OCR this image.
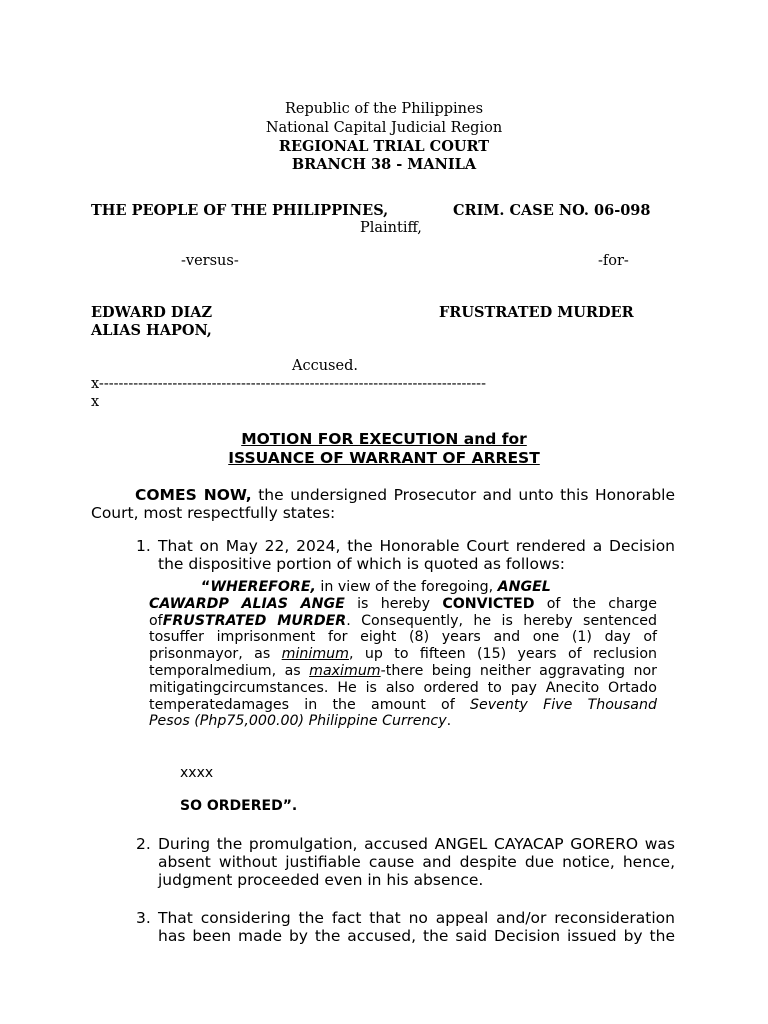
Republic of the Philippines
National Capital Judicial Region
REGIONAL TRIAL COURT
BRANCH 38 - MANILA
THE PEOPLE OF THE PHILIPPINES,	CRIM. CASE NO. 06-098
Plaintiff,
-versus-	-for-
EDWARD DIAZ
ALIAS HAPON,
FRUSTRATED MURDER
Accused.
x-------------------------------------------------------------------------------
x
MOTION FOR EXECUTION and for
ISSUANCE OF WARRANT OF ARREST
COMES NOW, the undersigned Prosecutor and unto this Honorable
Court, most respectfully states:
1. That on May 22, 2024, the Honorable Court rendered a Decision
the dispositive portion of which is quoted as follows:
“WHEREFORE, in view of the foregoing, ANGEL
CAWARDP ALIAS ANGE is hereby CONVICTED of the charge
ofFRUSTRATED MURDER. Consequently, he is hereby sentenced
tosuffer imprisonment for eight (8) years and one (1) day of
prisonmayor, as minimum, up to fifteen (15) years of reclusion
temporalmedium, as maximum-there being neither aggravating nor
mitigatingcircumstances. He is also ordered to pay Anecito Ortado
temperatedamages in the amount of Seventy Five Thousand
Pesos (Php75,000.00) Philippine Currency.
xxxx
SO ORDERED”.
2. During the promulgation, accused ANGEL CAYACAP GORERO was
absent without justifiable cause and despite due notice, hence,
judgment proceeded even in his absence.
3. That considering the fact that no appeal and/or reconsideration
has been made by the accused, the said Decision issued by the
